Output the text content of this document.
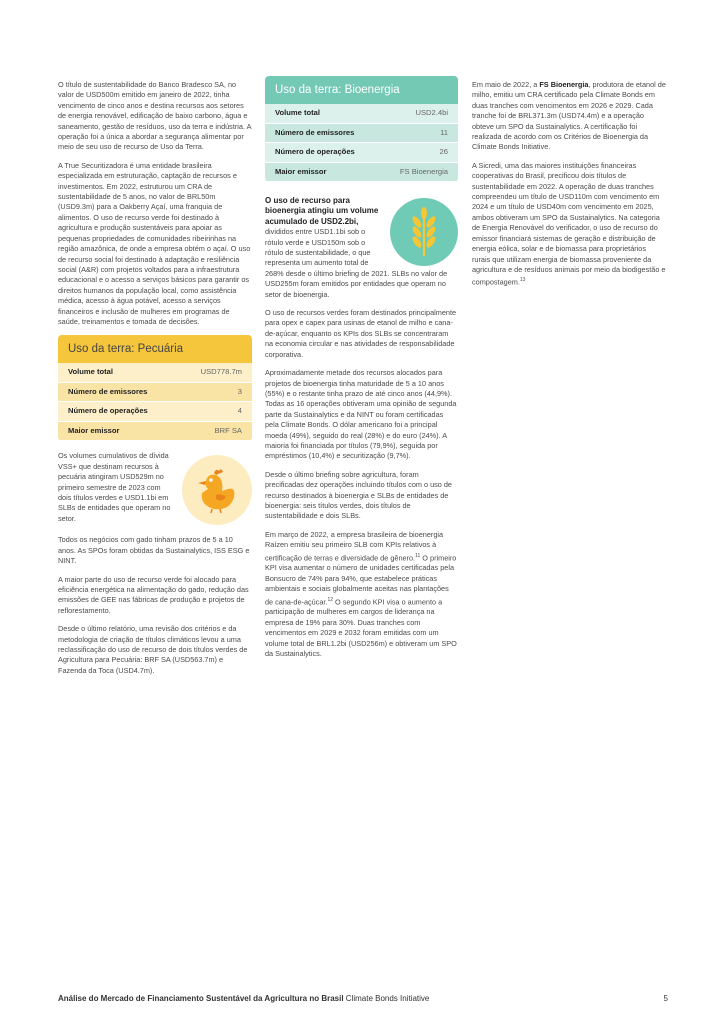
O título de sustentabilidade do Banco Bradesco SA, no valor de USD500m emitido em janeiro de 2022, tinha vencimento de cinco anos e destina recursos aos setores de energia renovável, edificação de baixo carbono, água e saneamento, gestão de resíduos, uso da terra e indústria. A operação foi a única a abordar a segurança alimentar por meio de seu uso de recurso de Uso da Terra.

A True Securitizadora é uma entidade brasileira especializada em estruturação, captação de recursos e investimentos. Em 2022, estruturou um CRA de sustentabilidade de 5 anos, no valor de BRL50m (USD9.3m) para a Oakberry Açaí, uma franquia de alimentos. O uso de recurso verde foi destinado à agricultura e produção sustentáveis para apoiar as pequenas propriedades de comunidades ribeirinhas na região amazônica, de onde a empresa obtém o açaí. O uso de recurso social foi destinado à adaptação e resiliência social (A&R) com projetos voltados para a infraestrutura educacional e o acesso a serviços básicos para garantir os direitos humanos da população local, como assistência médica, acesso à água potável, acesso a serviços financeiros e inclusão de mulheres em programas de saúde, treinamentos e tomada de decisões.

Uso da terra: Pecuária
Volume total	USD778.7m
Número de emissores	3
Número de operações	4
Maior emissor	BRF SA
Os volumes cumulativos de dívida VSS+ que destinam recursos à pecuária atingiram USD529m no primeiro semestre de 2023 com dois títulos verdes e USD1.1bi em SLBs de entidades que operam no setor.

Todos os negócios com gado tinham prazos de 5 a 10 anos. As SPOs foram obtidas da Sustainalytics, ISS ESG e NINT.

A maior parte do uso de recurso verde foi alocado para eficiência energética na alimentação do gado, redução das emissões de GEE nas fábricas de produção e projetos de reflorestamento.

Desde o último relatório, uma revisão dos critérios e da metodologia de criação de títulos climáticos levou a uma reclassificação do uso de recurso de dois títulos verdes de Agricultura para Pecuária: BRF SA (USD563.7m) e Fazenda da Toca (USD4.7m).

Uso da terra: Bioenergia
Volume total	USD2.4bi
Número de emissores	11
Número de operações	26
Maior emissor	FS Bioenergia
O uso de recurso para bioenergia atingiu um volume acumulado de USD2.2bi, divididos entre USD1.1bi sob o rótulo verde e USD150m sob o rótulo de sustentabilidade, o que representa um aumento total de 268% desde o último briefing de 2021. SLBs no valor de USD255m foram emitidos por entidades que operam no setor de bioenergia.

O uso de recursos verdes foram destinados principalmente para opex e capex para usinas de etanol de milho e cana-de-açúcar, enquanto os KPIs dos SLBs se concentraram na economia circular e nas atividades de responsabilidade corporativa.

Aproximadamente metade dos recursos alocados para projetos de bioenergia tinha maturidade de 5 a 10 anos (55%) e o restante tinha prazo de até cinco anos (44,9%). Todas as 16 operações obtiveram uma opinião de segunda parte da Sustainalytics e da NINT ou foram certificadas pela Climate Bonds. O dólar americano foi a principal moeda (49%), seguido do real (28%) e do euro (24%). A maioria foi financiada por títulos (79,9%), seguida por empréstimos (10,4%) e securitização (9,7%).

Desde o último briefing sobre agricultura, foram precificadas dez operações incluindo títulos com o uso de recurso destinados à bioenergia e SLBs de entidades de bioenergia: seis títulos verdes, dois títulos de sustentabilidade e dois SLBs.

Em março de 2022, a empresa brasileira de bioenergia Raízen emitiu seu primeiro SLB com KPIs relativos à certificação de terras e diversidade de gênero.$^{11}$ O primeiro KPI visa aumentar o número de unidades certificadas pela Bonsucro de 74% para 94%, que estabelece práticas ambientais e sociais globalmente aceitas nas plantações de cana-de-açúcar.$^{12}$ O segundo KPI visa o aumento a participação de mulheres em cargos de liderança na empresa de 19% para 30%. Duas tranches com vencimentos em 2029 e 2032 foram emitidas com um volume total de BRL1.2bi (USD256m) e obtiveram um SPO da Sustainalytics.

Em maio de 2022, a FS Bioenergia, produtora de etanol de milho, emitiu um CRA certificado pela Climate Bonds em duas tranches com vencimentos em 2026 e 2029. Cada tranche foi de BRL371.3m (USD74.4m) e a operação obteve um SPO da Sustainalytics. A certificação foi realizada de acordo com os Critérios de Bioenergia da Climate Bonds Initiative.

A Sicredi, uma das maiores instituições financeiras cooperativas do Brasil, precificou dois títulos de sustentabilidade em 2022. A operação de duas tranches compreendeu um título de USD110m com vencimento em 2024 e um título de USD40m com vencimento em 2025, ambos obtiveram um SPO da Sustainalytics. Na categoria de Energia Renovável do verificador, o uso de recurso do emissor financiará sistemas de geração e distribuição de energia eólica, solar e de biomassa para proprietários rurais que utilizam energia de biomassa proveniente da agricultura e de resíduos animais por meio da biodigestão e compostagem.$^{13}$

Análise do Mercado de Financiamento Sustentável da Agricultura no Brasil Climate Bonds Initiative	5
